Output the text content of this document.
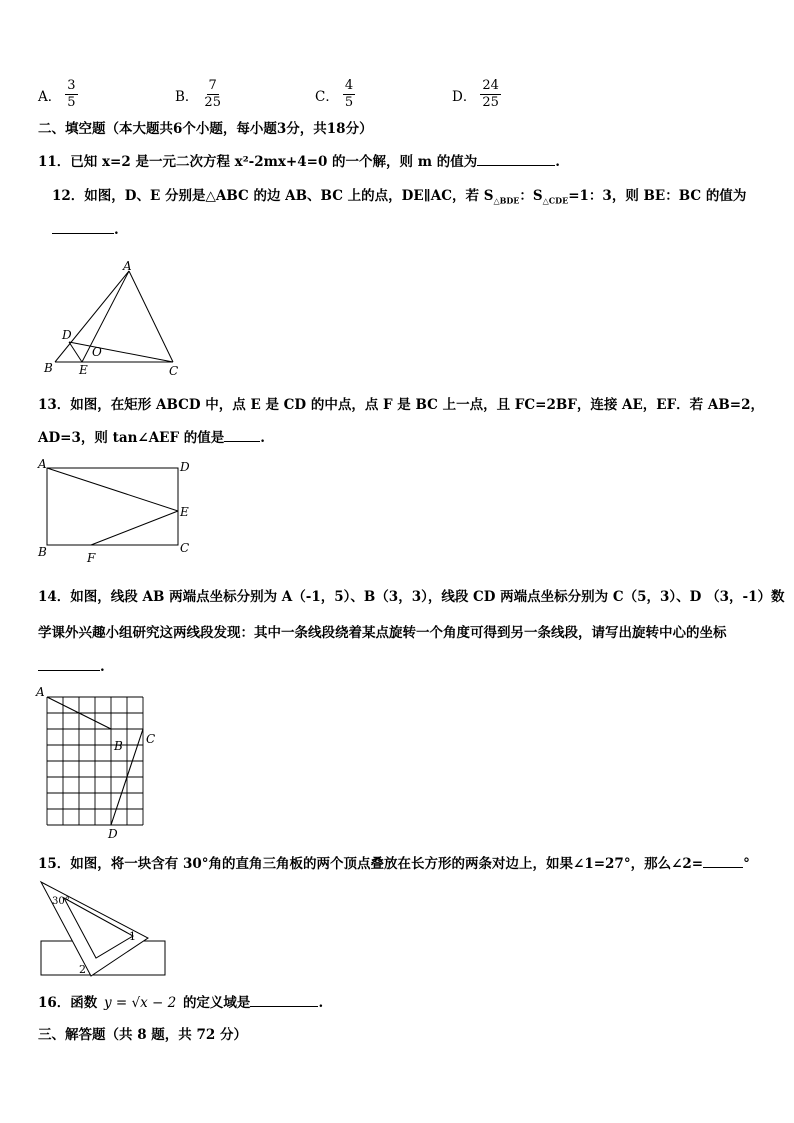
A． $\frac{3}{5}$	B． $\frac{7}{25}$	C． $\frac{4}{5}$	D． $\frac{24}{25}$
二、填空题（本大题共6个小题，每小题3分，共18分）
11．已知 x=2 是一元二次方程 x²-2mx+4=0 的一个解，则 m 的值为	.
12．如图，D、E 分别是△ABC 的边 AB、BC 上的点，DE∥AC，若 $S_{\triangle BDE}$：$S_{\triangle CDE}=1$：3，则 BE：BC 的值为
.
A
B	C
D
E
O
13．如图，在矩形 ABCD 中，点 E 是 CD 的中点，点 F 是 BC 上一点，且 FC=2BF，连接 AE，EF．若 AB=2，
AD=3，则 tan∠AEF 的值是	.
A	D
E
B	C
F
14．如图，线段 AB 两端点坐标分别为 A（-1，5）、B（3，3），线段 CD 两端点坐标分别为 C（5，3）、D （3，-1）数
学课外兴趣小组研究这两线段发现：其中一条线段绕着某点旋转一个角度可得到另一条线段，请写出旋转中心的坐标
.
A
B C
D
15．如图，将一块含有 30°角的直角三角板的两个顶点叠放在长方形的两条对边上，如果∠1=27°，那么∠2=	°
30°
1
2
16．函数 y = √x − 2 的定义域是	.
三、解答题（共 8 题，共 72 分）
